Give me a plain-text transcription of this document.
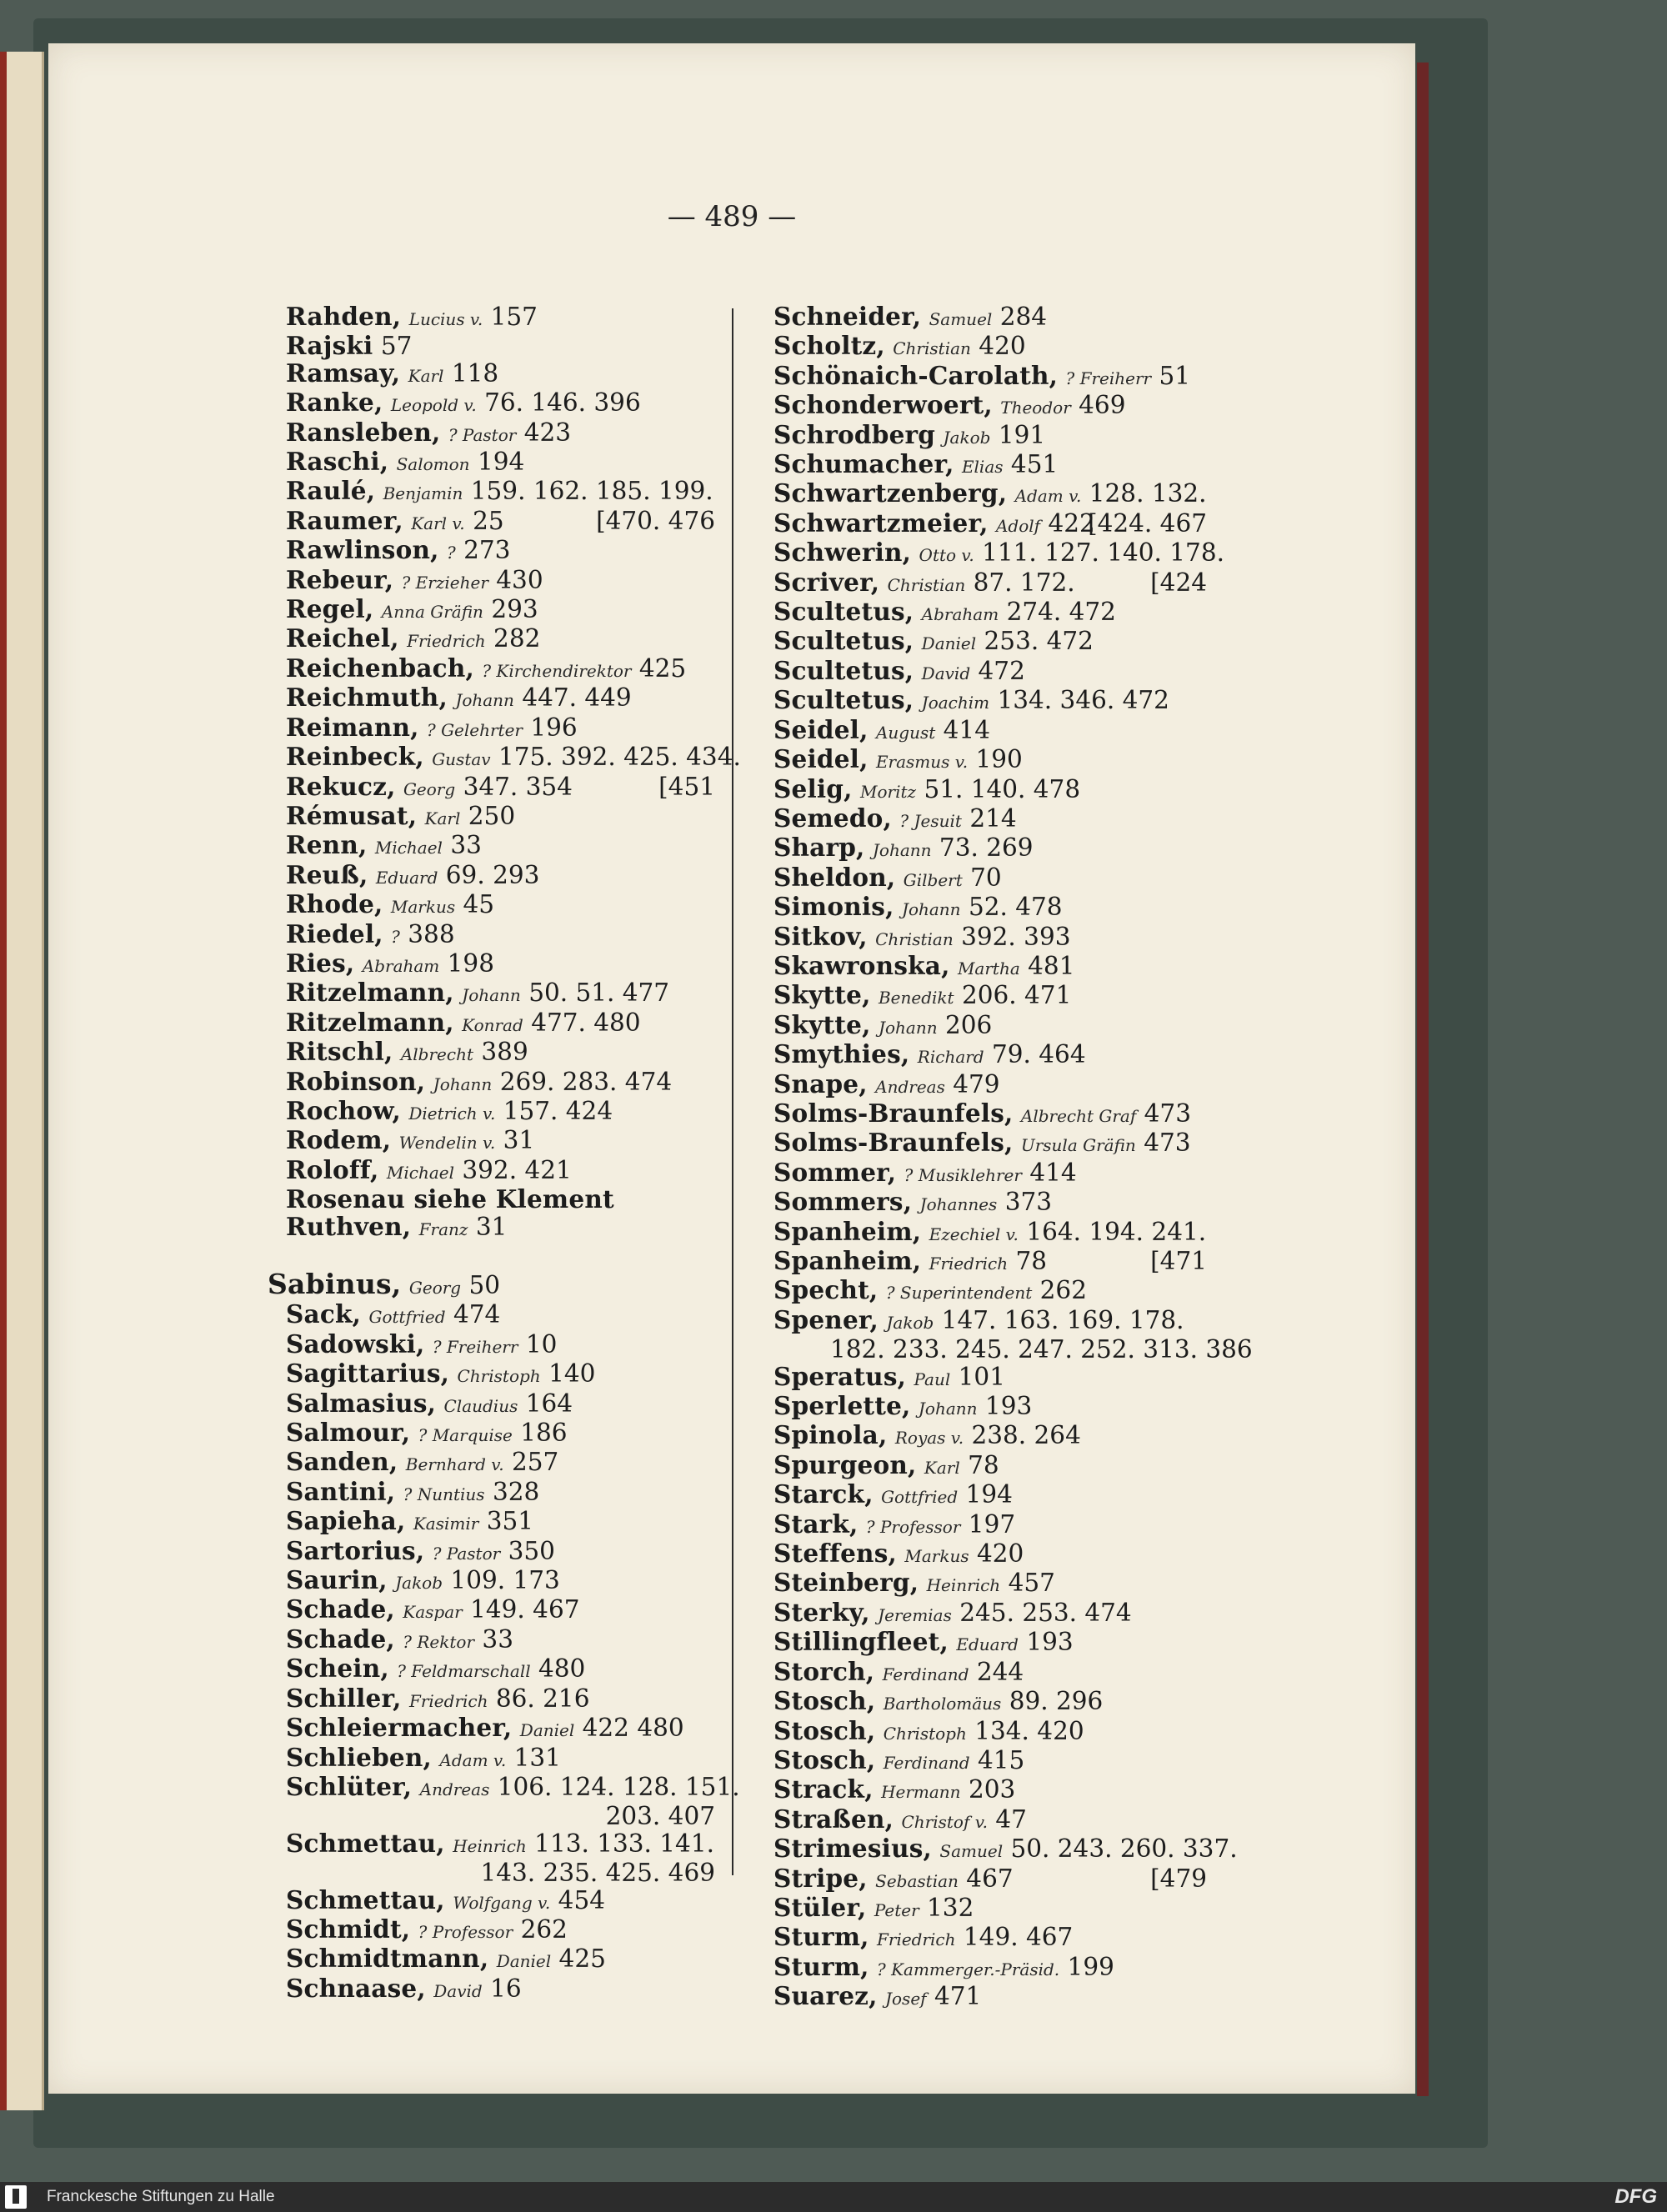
— 489 —
Rahden, Lucius v. 157
Rajski 57
Ramsay, Karl 118
Ranke, Leopold v. 76. 146. 396
Ransleben, ? Pastor 423
Raschi, Salomon 194
Raulé, Benjamin 159. 162. 185. 199.
Raumer, Karl v. 25	[470. 476
Rawlinson, ? 273
Rebeur, ? Erzieher 430
Regel, Anna Gräfin 293
Reichel, Friedrich 282
Reichenbach, ? Kirchendirektor 425
Reichmuth, Johann 447. 449
Reimann, ? Gelehrter 196
Reinbeck, Gustav 175. 392. 425. 434.
Rekucz, Georg 347. 354	[451
Rémusat, Karl 250
Renn, Michael 33
Reuß, Eduard 69. 293
Rhode, Markus 45
Riedel, ? 388
Ries, Abraham 198
Ritzelmann, Johann 50. 51. 477
Ritzelmann, Konrad 477. 480
Ritschl, Albrecht 389
Robinson, Johann 269. 283. 474
Rochow, Dietrich v. 157. 424
Rodem, Wendelin v. 31
Roloff, Michael 392. 421
Rosenau siehe Klement
Ruthven, Franz 31
Sabinus, Georg 50
Sack, Gottfried 474
Sadowski, ? Freiherr 10
Sagittarius, Christoph 140
Salmasius, Claudius 164
Salmour, ? Marquise 186
Sanden, Bernhard v. 257
Santini, ? Nuntius 328
Sapieha, Kasimir 351
Sartorius, ? Pastor 350
Saurin, Jakob 109. 173
Schade, Kaspar 149. 467
Schade, ? Rektor 33
Schein, ? Feldmarschall 480
Schiller, Friedrich 86. 216
Schleiermacher, Daniel 422 480
Schlieben, Adam v. 131
Schlüter, Andreas 106. 124. 128. 151.
203. 407
Schmettau, Heinrich 113. 133. 141.
143. 235. 425. 469
Schmettau, Wolfgang v. 454
Schmidt, ? Professor 262
Schmidtmann, Daniel 425
Schnaase, David 16
Schneider, Samuel 284
Scholtz, Christian 420
Schönaich-Carolath, ? Freiherr 51
Schonderwoert, Theodor 469
Schrodberg Jakob 191
Schumacher, Elias 451
Schwartzenberg, Adam v. 128. 132.
Schwartzmeier, Adolf 422
[424. 467
Schwerin, Otto v. 111. 127. 140. 178.
Scriver, Christian 87. 172.	[424
Scultetus, Abraham 274. 472
Scultetus, Daniel 253. 472
Scultetus, David 472
Scultetus, Joachim 134. 346. 472
Seidel, August 414
Seidel, Erasmus v. 190
Selig, Moritz 51. 140. 478
Semedo, ? Jesuit 214
Sharp, Johann 73. 269
Sheldon, Gilbert 70
Simonis, Johann 52. 478
Sitkov, Christian 392. 393
Skawronska, Martha 481
Skytte, Benedikt 206. 471
Skytte, Johann 206
Smythies, Richard 79. 464
Snape, Andreas 479
Solms-Braunfels, Albrecht Graf 473
Solms-Braunfels, Ursula Gräfin 473
Sommer, ? Musiklehrer 414
Sommers, Johannes 373
Spanheim, Ezechiel v. 164. 194. 241.
Spanheim, Friedrich 78	[471
Specht, ? Superintendent 262
Spener, Jakob 147. 163. 169. 178.
182. 233. 245. 247. 252. 313. 386
Speratus, Paul 101
Sperlette, Johann 193
Spinola, Royas v. 238. 264
Spurgeon, Karl 78
Starck, Gottfried 194
Stark, ? Professor 197
Steffens, Markus 420
Steinberg, Heinrich 457
Sterky, Jeremias 245. 253. 474
Stillingfleet, Eduard 193
Storch, Ferdinand 244
Stosch, Bartholomäus 89. 296
Stosch, Christoph 134. 420
Stosch, Ferdinand 415
Strack, Hermann 203
Straßen, Christof v. 47
Strimesius, Samuel 50. 243. 260. 337.
Stripe, Sebastian 467	[479
Stüler, Peter 132
Sturm, Friedrich 149. 467
Sturm, ? Kammerger.-Präsid. 199
Suarez, Josef 471
Franckesche Stiftungen zu Halle	DFG
